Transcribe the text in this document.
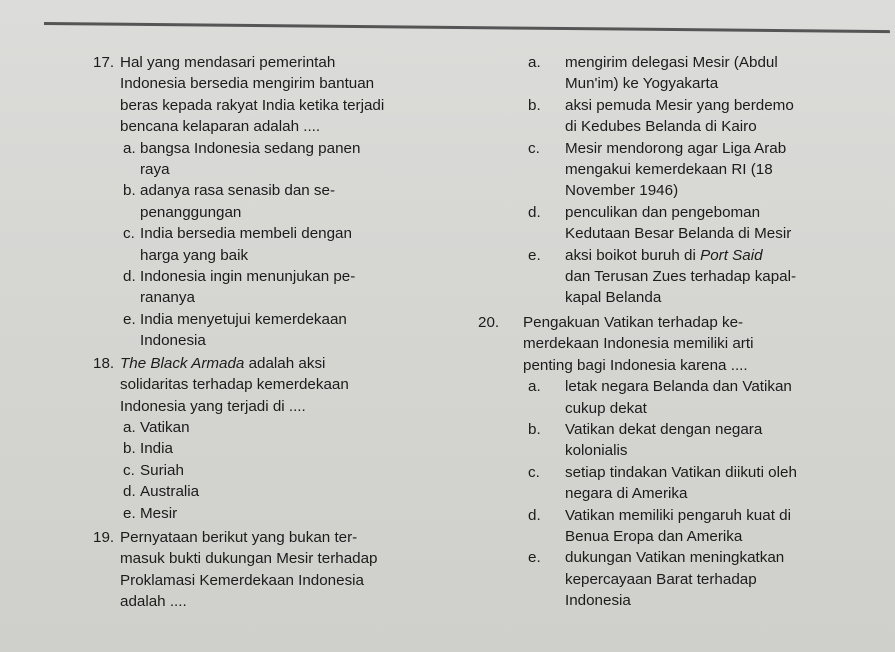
17. Hal yang mendasari pemerintah
Indonesia bersedia mengirim bantuan
beras kepada rakyat India ketika terjadi
bencana kelaparan adalah ....
a. bangsa Indonesia sedang panen
raya
b. adanya rasa senasib dan se-
penanggungan
c. India bersedia membeli dengan
harga yang baik
d. Indonesia ingin menunjukan pe-
rananya
e. India menyetujui kemerdekaan
Indonesia
18. The Black Armada adalah aksi
solidaritas terhadap kemerdekaan
Indonesia yang terjadi di ....
a. Vatikan
b. India
c. Suriah
d. Australia
e. Mesir
19. Pernyataan berikut yang bukan ter-
masuk bukti dukungan Mesir terhadap
Proklamasi Kemerdekaan Indonesia
adalah ....
a. mengirim delegasi Mesir (Abdul
Mun'im) ke Yogyakarta
b. aksi pemuda Mesir yang berdemo
di Kedubes Belanda di Kairo
c. Mesir mendorong agar Liga Arab
mengakui kemerdekaan RI (18
November 1946)
d. penculikan dan pengeboman
Kedutaan Besar Belanda di Mesir
e. aksi boikot buruh di Port Said
dan Terusan Zues terhadap kapal-
kapal Belanda
20. Pengakuan Vatikan terhadap ke-
merdekaan Indonesia memiliki arti
penting bagi Indonesia karena ....
a. letak negara Belanda dan Vatikan
cukup dekat
b. Vatikan dekat dengan negara
kolonialis
c. setiap tindakan Vatikan diikuti oleh
negara di Amerika
d. Vatikan memiliki pengaruh kuat di
Benua Eropa dan Amerika
e. dukungan Vatikan meningkatkan
kepercayaan Barat terhadap
Indonesia
